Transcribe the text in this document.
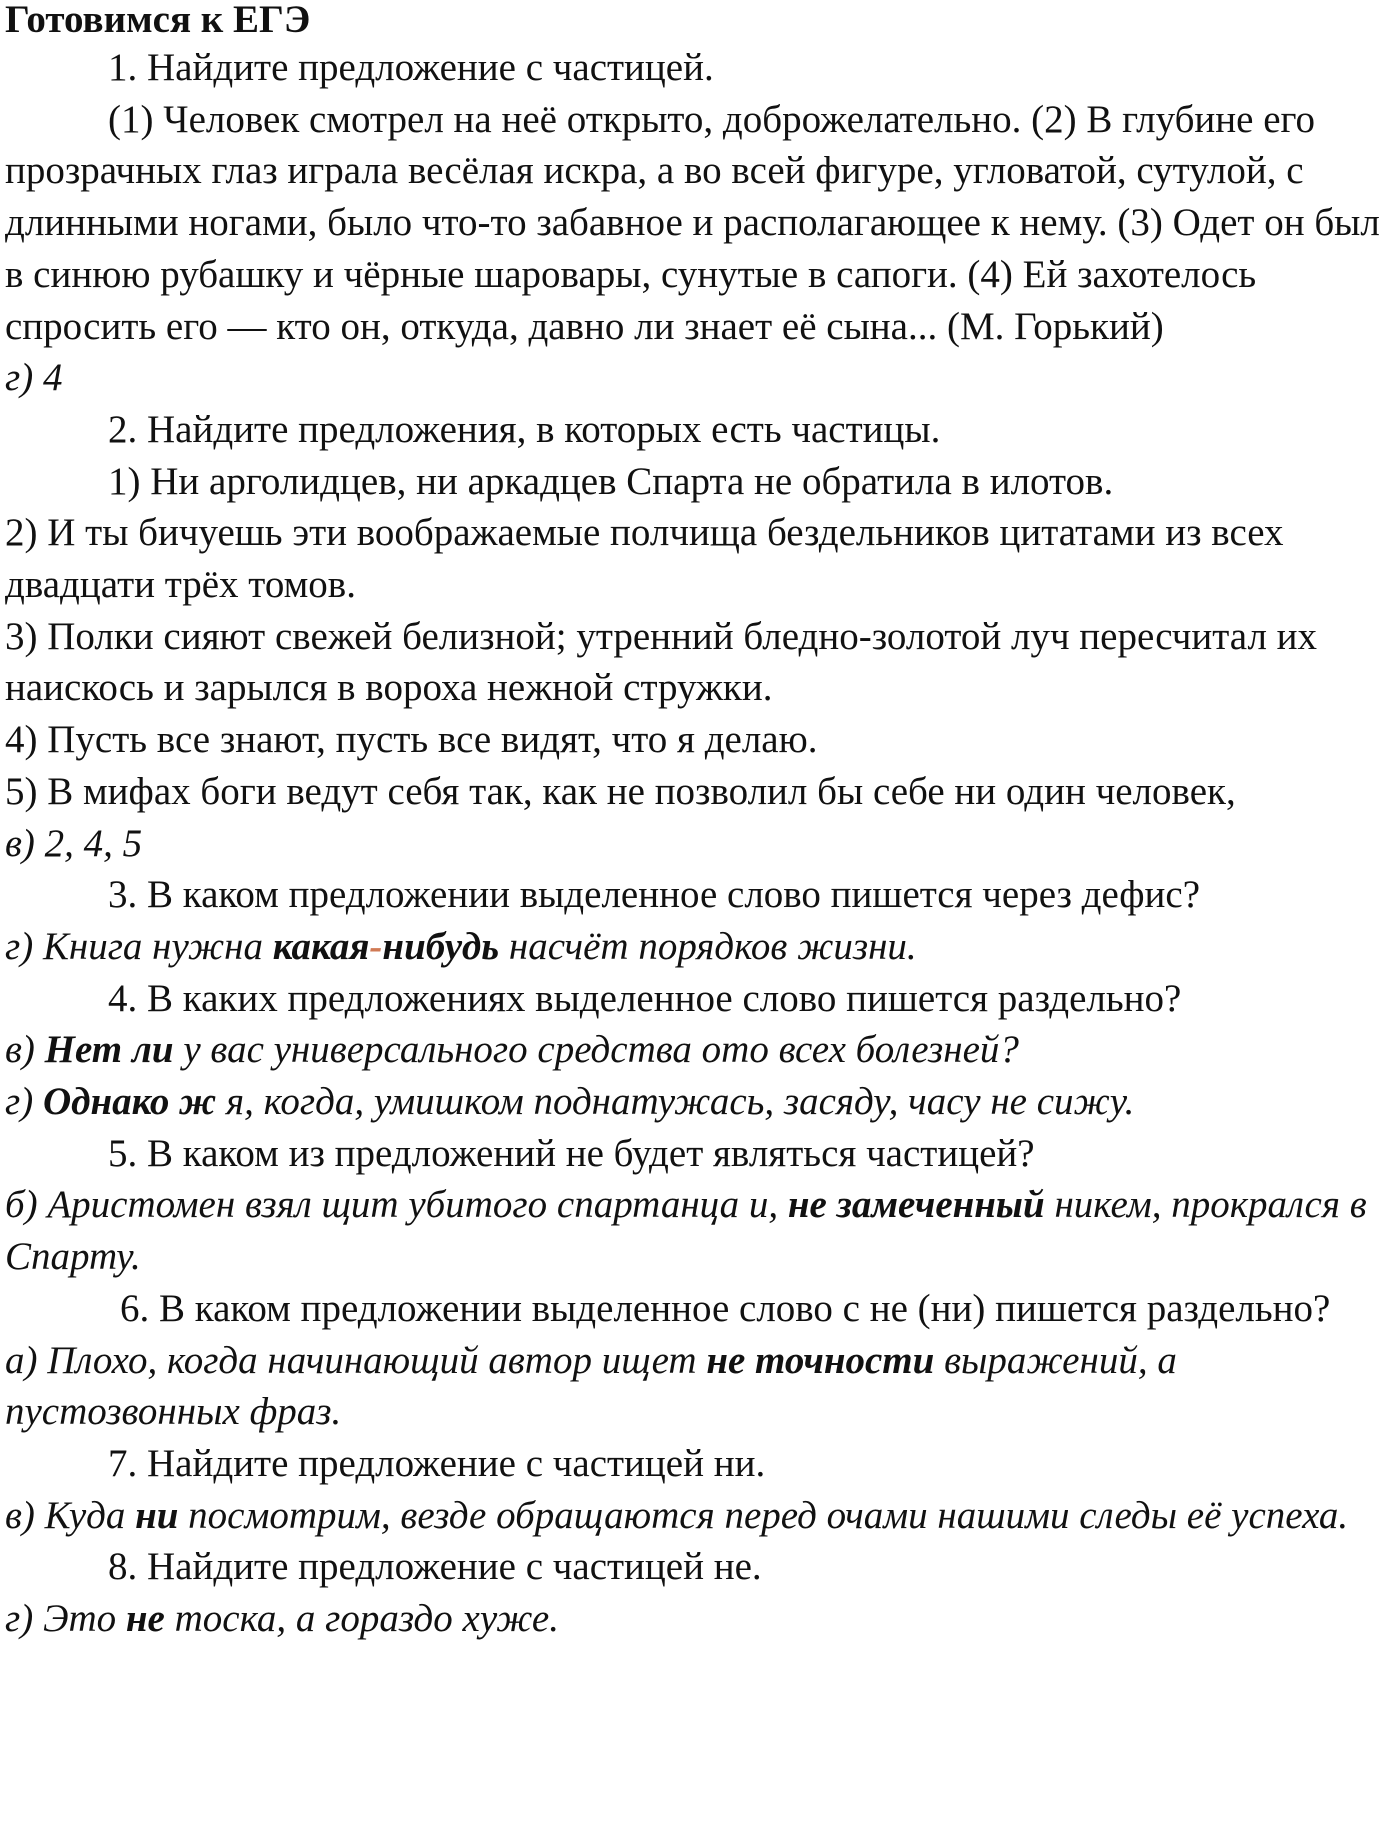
Готовимся к ЕГЭ

1. Найдите предложение с частицей.

(1) Человек смотрел на неё открыто, доброжелательно. (2) В глубине его прозрачных глаз играла весёлая искра, а во всей фигуре, угловатой, сутулой, с длинными ногами, было что-то забавное и располагающее к нему. (3) Одет он был в синюю рубашку и чёрные шаровары, сунутые в сапоги. (4) Ей захотелось спросить его — кто он, откуда, давно ли знает её сына... (М. Горький)

г) 4

2. Найдите предложения, в которых есть частицы.

1) Ни арголидцев, ни аркадцев Спарта не обратила в илотов.

2) И ты бичуешь эти воображаемые полчища бездельников цитатами из всех двадцати трёх томов.

3) Полки сияют свежей белизной; утренний бледно-золотой луч пересчитал их наискось и зарылся в вороха нежной стружки.

4) Пусть все знают, пусть все видят, что я делаю.

5) В мифах боги ведут себя так, как не позволил бы себе ни один человек,

в) 2, 4, 5

3. В каком предложении выделенное слово пишется через дефис?

г) Книга нужна какая-нибудь насчёт порядков жизни.

4. В каких предложениях выделенное слово пишется раздельно?

в) Нет ли у вас универсального средства ото всех болезней?

г) Однако ж я, когда, умишком поднатужась, засяду, часу не сижу.

5. В каком из предложений не будет являться частицей?

б) Аристомен взял щит убитого спартанца и, не замеченный никем, прокрался в Спарту.

6. В каком предложении выделенное слово с не (ни) пишется раздельно?

а) Плохо, когда начинающий автор ищет не точности выражений, а пустозвонных фраз.

7. Найдите предложение с частицей ни.

в) Куда ни посмотрим, везде обращаются перед очами нашими следы её успеха.

8. Найдите предложение с частицей не.

г) Это не тоска, а гораздо хуже.
